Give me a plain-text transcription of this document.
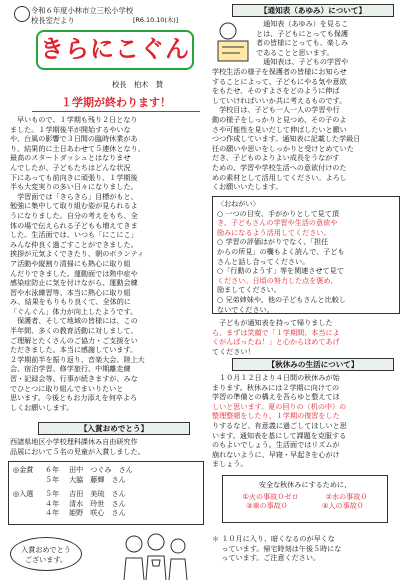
令和６年度小林市立三松小学校
校長室だより	[R6.10.10(木)]
きらにこぐん
校長　柏木　賛
１学期が終わります！

　早いもので、１学期も残り２日となり

ました。１学期後半が開始するやいな

や、台風の影響で３日間の臨時休業があ

り、結果的に土日あわせて５連休となり、

最高のスタートダッシュとはなりませ

んでしたが、子どもたちはどんな状況

下にあっても前向きに頑張り、１学期後

半も大変実りの多い日々になりました。

　学習面では「きらきら」目標がもと、

勉強に集中して取り組む姿が見られるよ

うになりました。自分の考えをもち、全

体の場で伝えられる子どもも増えてきま

した。生活面では、いつも「にこにこ」

みんな仲良く過ごすことができました。

挨拶が元気よくできたり、朝のボランティ

ア活動や縦割り清掃にも熱心に取り組

んだりできました。運動面では熱中症や

感染症防止に気を付けながら、運動会練

習や水泳練習等、本当に熱心に取り組

み、結果をもりもり良くて、全体的に

「ぐんぐん」体力が向上したようです。

　保護者、そして地域の皆様には、この

半年間、多くの教育活動に対しまして、

ご理解とたくさんのご協力・ご支援をい

ただきました。本当に感謝しています。

２学期前半を振り返り、音楽大会、陸上大

会、宿泊学習、修学旅行、中期離走練

習・記録会等、行事が続きますが、みな

でひとつに取り組んでまいりたいと

思います。今後ともお力添えを何卒よろ

しくお願いします。

【入賞おめでとう】

西諸県地区小学校理科課休み自由研究作

品展において５名の児童が入賞しました。

◎金賞	６年	田中　つぐみ　さん
５年	大脇　藤輝　さん
◎入選	５年	吉田　美琉　さん
４年	清水　玲世　さん
４年	姫野　咲心　さん
入賞おめでとう
ございます。
【通知表（あゆみ）について】

　通知表（あゆみ）を見るこ

とは、子どもにとっても保護

者の皆様にとっても、楽しみ

であることと思います。

　通知表は、子どもの学習や

学校生活の様子を保護者の皆様にお知らせ

することによって、子どもにやる気や意欲

をもたせ、そのすよさをどのように伸ば

していければいいか共に考えるものです。

　学校目は、子ども一人一人の学習や行

動の様子をしっかりと見つめ、その子のよ

さや可能性を見いだして伸ばしたいと願い

つつ作成しています。通知表に記載した学級日

任の願いや思いをしっかりと受けとめていた

だき、子どものよりよい成長をうながす

ための、学習や学校生活への意欲付けのた

めの素材として活用してください。よろし

くお願いいたします。

〈おねがい〉

○ 一つの目安、手がかりとして見て頂

き、子どもさんの学習や生活の意欲や

励みになるよう活用してください。

○ 学習の評価はがりでなく、「担任

からの所見」の欄もよく読んで、子ども

さんと話し合ってください。

○「行動のようす」等を関連させて見て

ください。日頃の努力した点を褒め、

励ましてください。

○ 兄弟姉妹や、他の子どもさんと比較し

ないでください。

　子どもが通知表を持って帰りました

ら、まずは笑顔で「１学期間、本当によ

くがんばったね！」と心からほめてあげ

てください！

【秋休みの生活について】

　１０月１２日より４日間の秋休みが始

まります。秋休みには２学期に向けての

学習の準備との構えを吾らゆと整えてほ

しいと思います。夏の回りの（机の中）の

整理整頓をしたり、１学期の復習をした

りするなど、有意義に過ごしてほしいと思

います。通知表を基にして課題を克服する

のもよいでしょう。生活面ではリズムが

崩れないように、早寝・早起きを心がけ

ましょう。

安全な秋休みにするために、
①火の事故０ゼロ	②水の事故０
③車の事故０	④人の事故０

＊ １０月に入り、暗くなるのが早くな

　 っています。帰宅時刻は午後５時にな

　 っています。ご注意ください。
